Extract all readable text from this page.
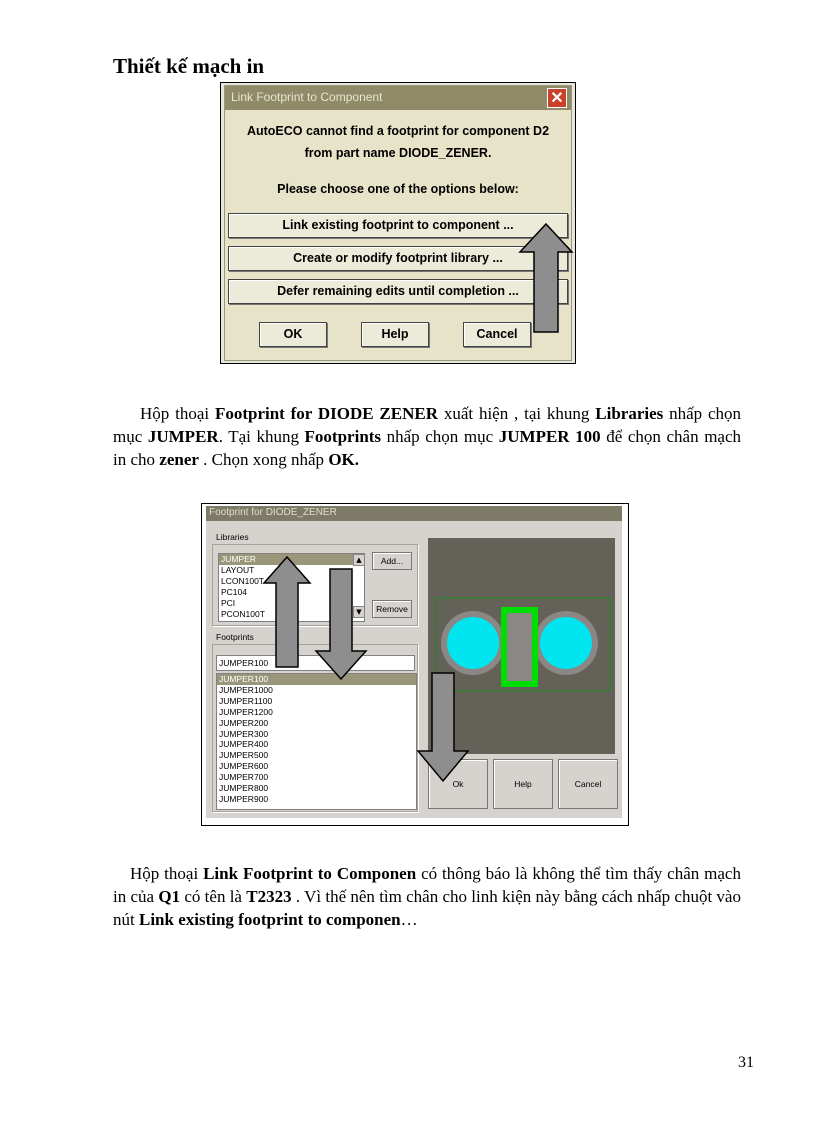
Thiết kế mạch in
Link Footprint to Component	✕
AutoECO cannot find a footprint for component D2
from part name DIODE_ZENER.
Please choose one of the options below:
Link existing footprint to component ...
Create or modify footprint library ...
Defer remaining edits until completion ...
OK	Help	Cancel
Hộp thoại Footprint for DIODE ZENER xuất hiện , tại khung Libraries nhấp chọn mục JUMPER. Tại khung Footprints nhấp chọn mục JUMPER 100 để chọn chân mạch in cho zener . Chọn xong nhấp OK.
Footprint for DIODE_ZENER
Libraries
JUMPER
LAYOUT
LCON100T
PC104
PCI
PCON100T
▲
▼
Add...
Remove
Footprints
JUMPER100
JUMPER100
JUMPER1000
JUMPER1100
JUMPER1200
JUMPER200
JUMPER300
JUMPER400
JUMPER500
JUMPER600
JUMPER700
JUMPER800
JUMPER900
Ok	Help	Cancel
Hộp thoại Link Footprint to Componen có thông báo là không thể tìm thấy chân mạch in của Q1 có tên là T2323 . Vì thế nên tìm chân cho linh kiện này bằng cách nhấp chuột vào nút Link existing footprint to componen…
31
